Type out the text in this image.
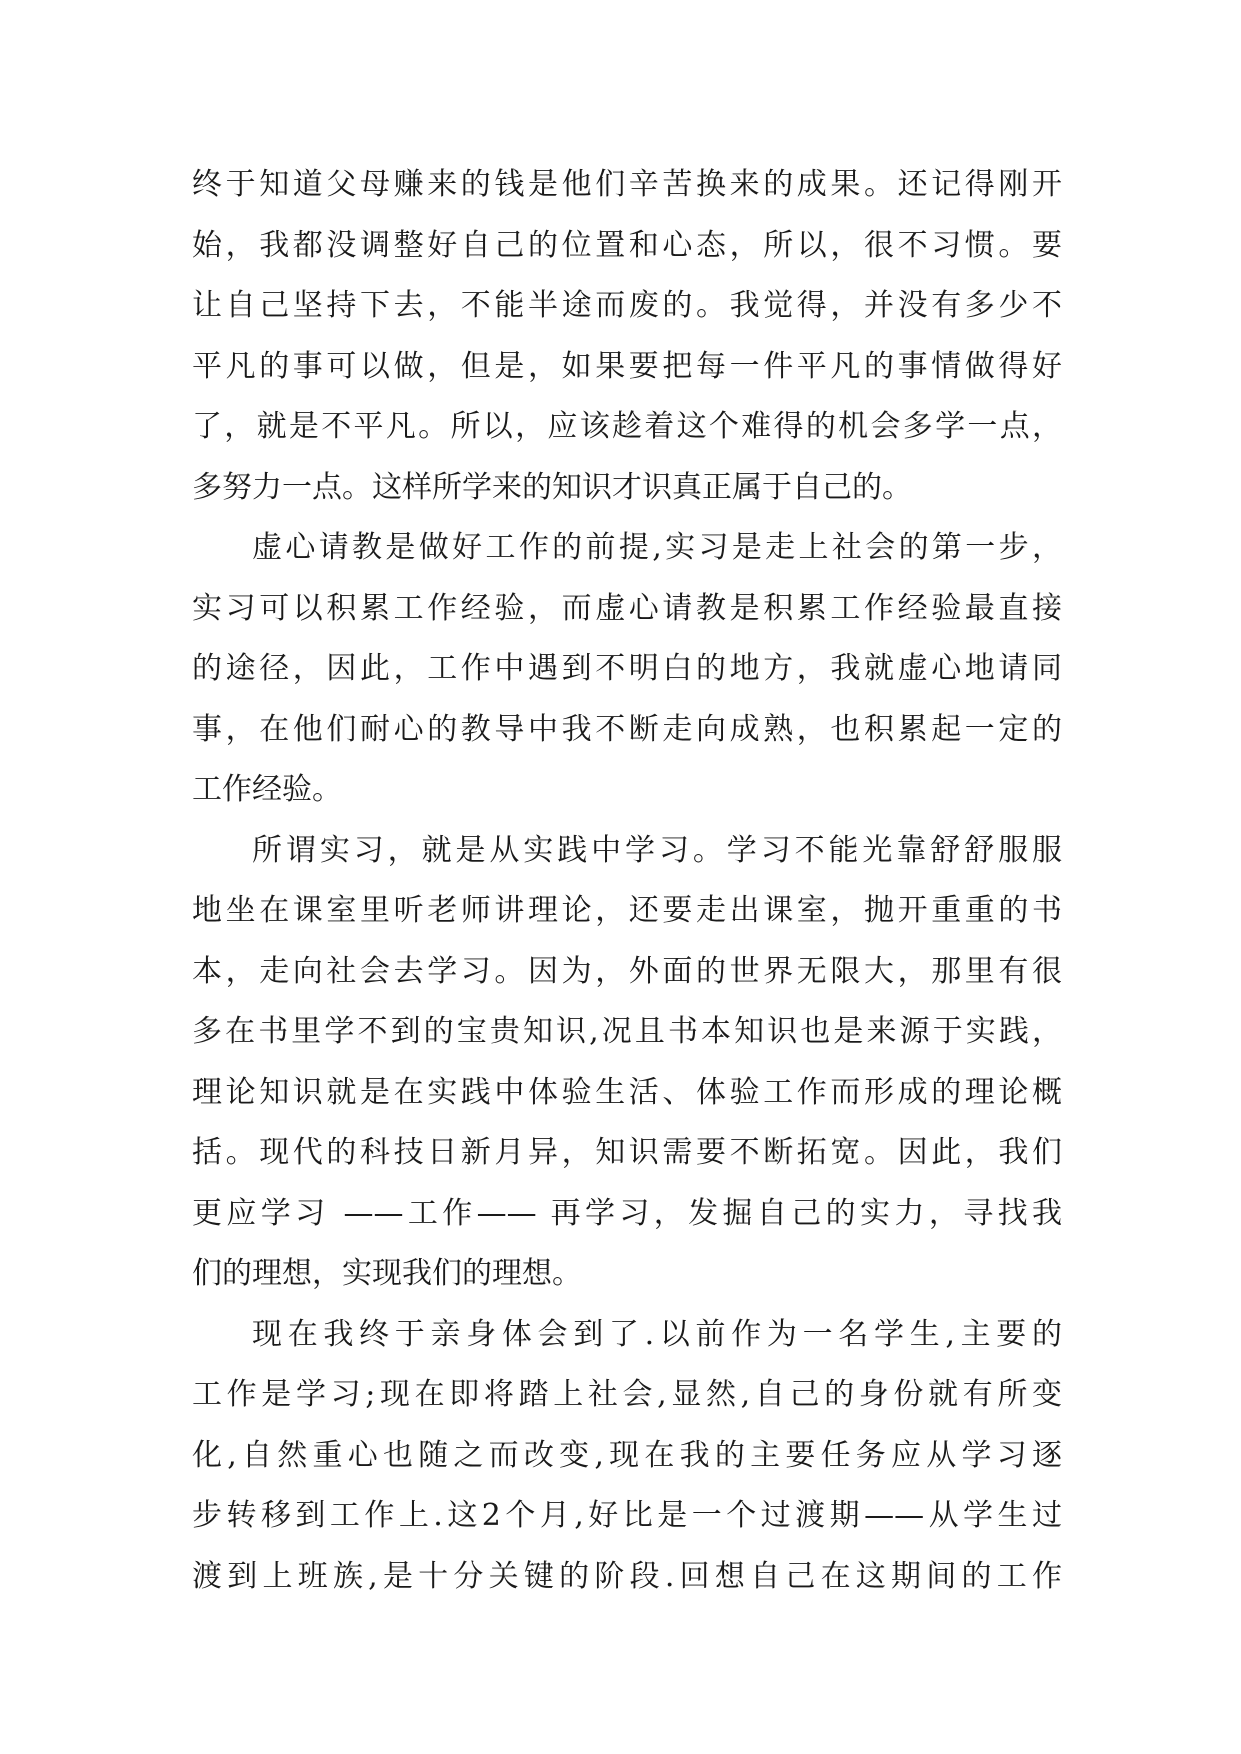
终于知道父母赚来的钱是他们辛苦换来的成果。还记得刚开
始，我都没调整好自己的位置和心态，所以，很不习惯。要
让自己坚持下去，不能半途而废的。我觉得，并没有多少不
平凡的事可以做，但是，如果要把每一件平凡的事情做得好
了，就是不平凡。所以，应该趁着这个难得的机会多学一点，
多努力一点。这样所学来的知识才识真正属于自己的。
虚心请教是做好工作的前提,实习是走上社会的第一步，
实习可以积累工作经验，而虚心请教是积累工作经验最直接
的途径，因此，工作中遇到不明白的地方，我就虚心地请同
事，在他们耐心的教导中我不断走向成熟，也积累起一定的
工作经验。
所谓实习，就是从实践中学习。学习不能光靠舒舒服服
地坐在课室里听老师讲理论，还要走出课室，抛开重重的书
本，走向社会去学习。因为，外面的世界无限大，那里有很
多在书里学不到的宝贵知识,况且书本知识也是来源于实践，
理论知识就是在实践中体验生活、体验工作而形成的理论概
括。现代的科技日新月异，知识需要不断拓宽。因此，我们
更应学习 ——工作—— 再学习，发掘自己的实力，寻找我
们的理想，实现我们的理想。
现在我终于亲身体会到了.以前作为一名学生,主要的
工作是学习;现在即将踏上社会,显然,自己的身份就有所变
化,自然重心也随之而改变,现在我的主要任务应从学习逐
步转移到工作上.这2个月,好比是一个过渡期——从学生过
渡到上班族,是十分关键的阶段.回想自己在这期间的工作
